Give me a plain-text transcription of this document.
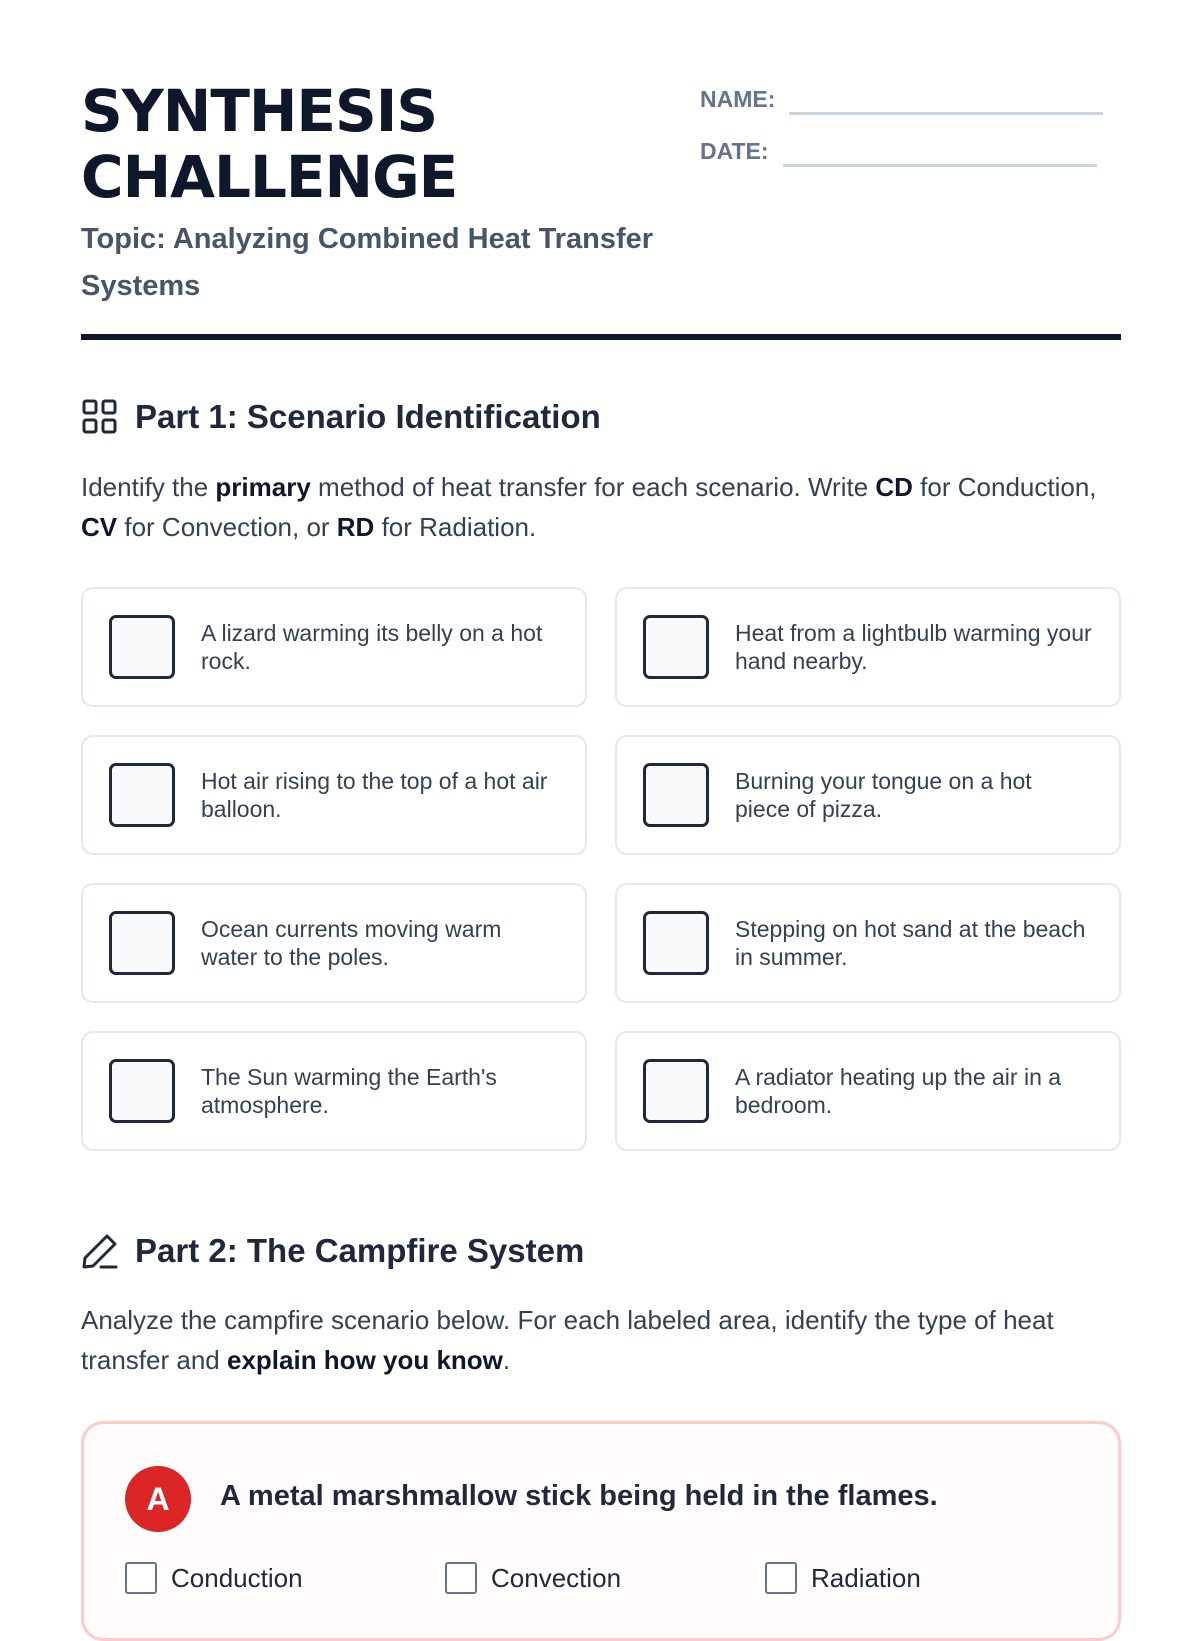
SYNTHESIS
CHALLENGE
Topic: Analyzing Combined Heat Transfer Systems
NAME:
DATE:
Part 1: Scenario Identification

Identify the primary method of heat transfer for each scenario. Write CD for Conduction, CV for Convection, or RD for Radiation.

A lizard warming its belly on a hot rock.
Heat from a lightbulb warming your hand nearby.
Hot air rising to the top of a hot air balloon.
Burning your tongue on a hot piece of pizza.
Ocean currents moving warm water to the poles.
Stepping on hot sand at the beach in summer.
The Sun warming the Earth's atmosphere.
A radiator heating up the air in a bedroom.
Part 2: The Campfire System

Analyze the campfire scenario below. For each labeled area, identify the type of heat transfer and explain how you know.

A	A metal marshmallow stick being held in the flames.

Conduction	Convection	Radiation
